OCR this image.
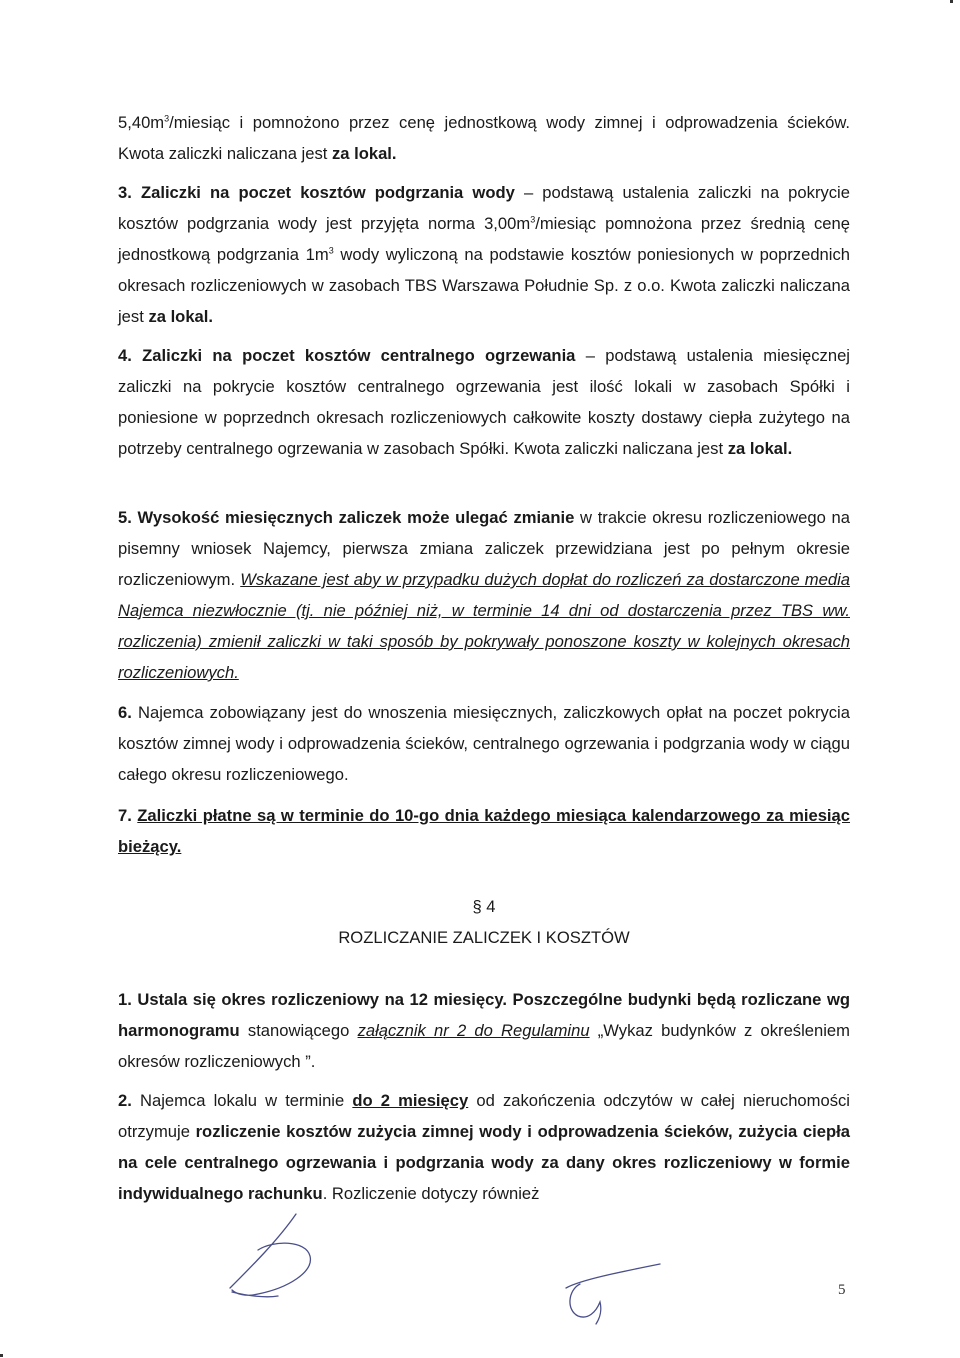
$5,40m^3$/miesiąc i pomnożono przez cenę jednostkową wody zimnej i odprowadzenia ścieków. Kwota zaliczki naliczana jest za lokal.

3. Zaliczki na poczet kosztów podgrzania wody – podstawą ustalenia zaliczki na pokrycie kosztów podgrzania wody jest przyjęta norma $3,00m^3$/miesiąc pomnożona przez średnią cenę jednostkową podgrzania $1m^3$ wody wyliczoną na podstawie kosztów poniesionych w poprzednich okresach rozliczeniowych w zasobach TBS Warszawa Południe Sp. z o.o. Kwota zaliczki naliczana jest za lokal.

4. Zaliczki na poczet kosztów centralnego ogrzewania – podstawą ustalenia miesięcznej zaliczki na pokrycie kosztów centralnego ogrzewania jest ilość lokali w zasobach Spółki i poniesione w poprzednch okresach rozliczeniowych całkowite koszty dostawy ciepła zużytego na potrzeby centralnego ogrzewania w zasobach Spółki. Kwota zaliczki naliczana jest za lokal.

5. Wysokość miesięcznych zaliczek może ulegać zmianie w trakcie okresu rozliczeniowego na pisemny wniosek Najemcy, pierwsza zmiana zaliczek przewidziana jest po pełnym okresie rozliczeniowym. Wskazane jest aby w przypadku dużych dopłat do rozliczeń za dostarczone media Najemca niezwłocznie (tj. nie później niż, w terminie 14 dni od dostarczenia przez TBS ww. rozliczenia) zmienił zaliczki w taki sposób by pokrywały ponoszone koszty w kolejnych okresach rozliczeniowych.

6. Najemca zobowiązany jest do wnoszenia miesięcznych, zaliczkowych opłat na poczet pokrycia kosztów zimnej wody i odprowadzenia ścieków, centralnego ogrzewania i podgrzania wody w ciągu całego okresu rozliczeniowego.

7. Zaliczki płatne są w terminie do 10-go dnia każdego miesiąca kalendarzowego za miesiąc bieżący.

§ 4
ROZLICZANIE ZALICZEK I KOSZTÓW

1. Ustala się okres rozliczeniowy na 12 miesięcy. Poszczególne budynki będą rozliczane wg harmonogramu stanowiącego załącznik nr 2 do Regulaminu „Wykaz budynków z określeniem okresów rozliczeniowych ”.

2. Najemca lokalu w terminie do 2 miesięcy od zakończenia odczytów w całej nieruchomości otrzymuje rozliczenie kosztów zużycia zimnej wody i odprowadzenia ścieków, zużycia ciepła na cele centralnego ogrzewania i podgrzania wody za dany okres rozliczeniowy w formie indywidualnego rachunku. Rozliczenie dotyczy również

5
